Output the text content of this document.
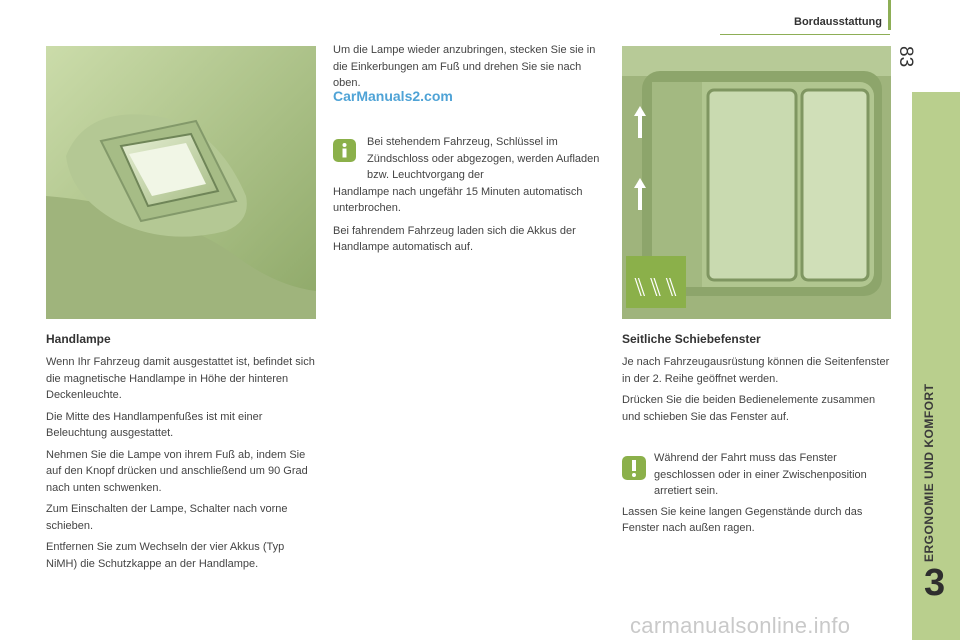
Bordausstattung
83
ERGONOMIE UND KOMFORT
3
⑊⑊⑊
Handlampe

Wenn Ihr Fahrzeug damit ausgestattet ist, befindet sich die magnetische Handlampe in Höhe der hinteren Deckenleuchte.

Die Mitte des Handlampenfußes ist mit einer Beleuchtung ausgestattet.

Nehmen Sie die Lampe von ihrem Fuß ab, indem Sie auf den Knopf drücken und anschließend um 90 Grad nach unten schwenken.

Zum Einschalten der Lampe, Schalter nach vorne schieben.

Entfernen Sie zum Wechseln der vier Akkus (Typ NiMH) die Schutzkappe an der Handlampe.

Um die Lampe wieder anzubringen, stecken Sie sie in die Einkerbungen am Fuß und drehen Sie sie nach oben.

CarManuals2.com

Bei stehendem Fahrzeug, Schlüssel im Zündschloss oder abgezogen, werden Aufladen bzw. Leuchtvorgang der

Handlampe nach ungefähr 15 Minuten automatisch unterbrochen.

Bei fahrendem Fahrzeug laden sich die Akkus der Handlampe automatisch auf.

Seitliche Schiebefenster

Je nach Fahrzeugausrüstung können die Seitenfenster in der 2. Reihe geöffnet werden.

Drücken Sie die beiden Bedienelemente zusammen und schieben Sie das Fenster auf.

Während der Fahrt muss das Fenster geschlossen oder in einer Zwischenposition arretiert sein.

Lassen Sie keine langen Gegenstände durch das Fenster nach außen ragen.

carmanualsonline.info
